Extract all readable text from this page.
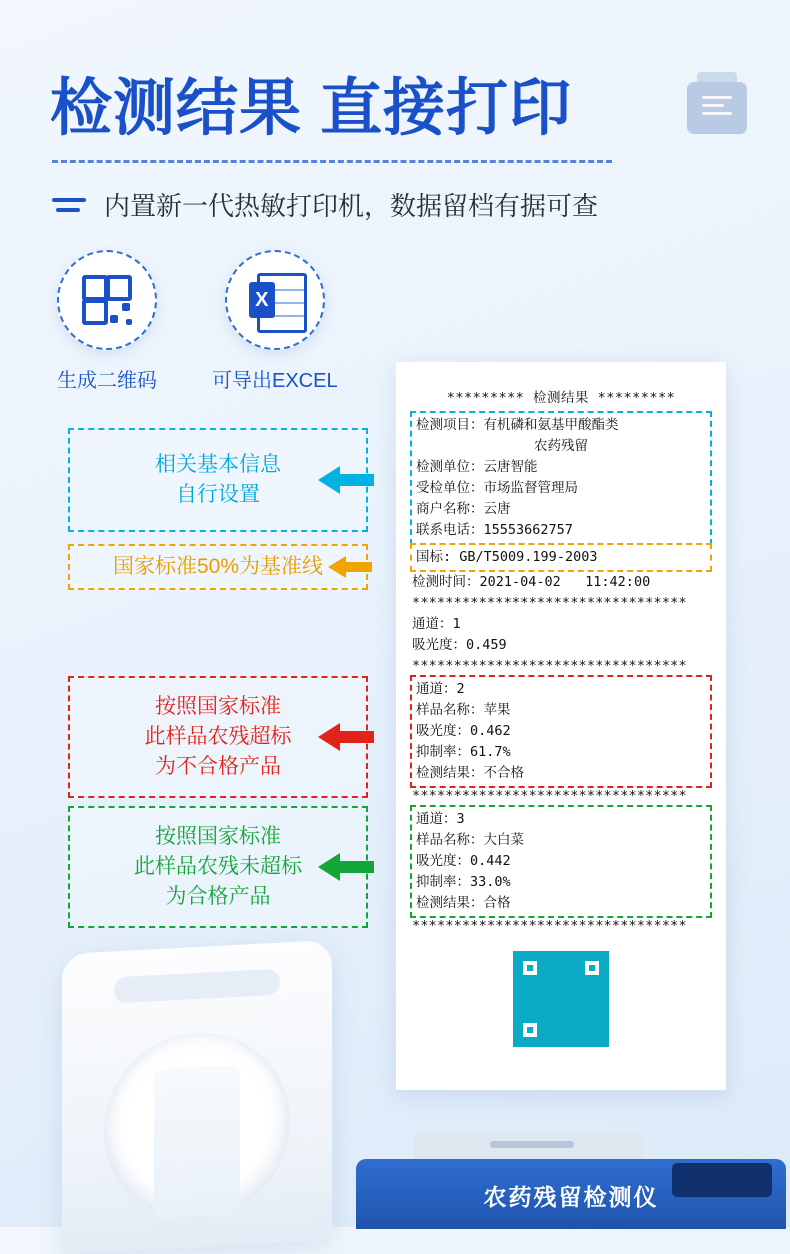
检测结果 直接打印
内置新一代热敏打印机，数据留档有据可查
生成二维码
X
可导出EXCEL
相关基本信息
自行设置
国家标准50%为基准线
按照国家标准
此样品农残超标
为不合格产品
按照国家标准
此样品农残未超标
为合格产品
********* 检测结果 *********
检测项目：有机磷和氨基甲酸酯类
农药残留
检测单位：云唐智能
受检单位：市场监督管理局
商户名称：云唐
联系电话：15553662757
国标: GB/T5009.199-2003
检测时间：2021-04-02 11:42:00
*********************************
通道：1
吸光度：0.459
*********************************
通道：2
样品名称：苹果
吸光度：0.462
抑制率：61.7%
检测结果：不合格
*********************************
通道：3
样品名称：大白菜
吸光度：0.442
抑制率：33.0%
检测结果：合格
*********************************
农药残留检测仪
